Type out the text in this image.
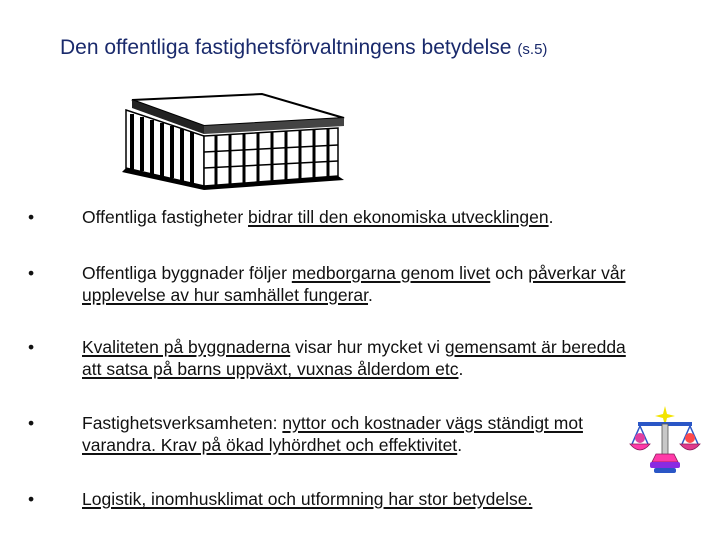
Den offentliga fastighetsförvaltningens betydelse (s.5)
•	Offentliga fastigheter bidrar till den ekonomiska utvecklingen.
•	Offentliga byggnader följer medborgarna genom livet och påverkar vår upplevelse av hur samhället fungerar.
•	Kvaliteten på byggnaderna visar hur mycket vi gemensamt är beredda att satsa på barns uppväxt, vuxnas ålderdom etc.
•	Fastighetsverksamheten: nyttor och kostnader vägs ständigt mot varandra. Krav på ökad lyhördhet och effektivitet.
•	Logistik, inomhusklimat och utformning har stor betydelse.
